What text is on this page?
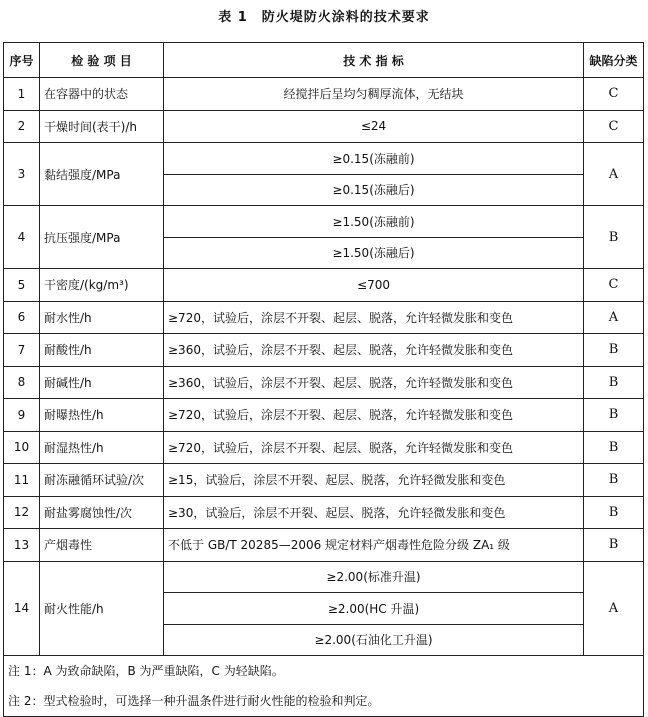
表 1　防火堤防火涂料的技术要求
序号	检 验 项 目	技 术 指 标	缺陷分类
1	在容器中的状态	经搅拌后呈均匀稠厚流体，无结块	C
2	干燥时间(表干)/h	≤24	C
3	黏结强度/MPa	≥0.15(冻融前)	A
		≥0.15(冻融后)	
4	抗压强度/MPa	≥1.50(冻融前)	B
		≥1.50(冻融后)	
5	干密度/(kg/m³)	≤700	C
6	耐水性/h	≥720，试验后，涂层不开裂、起层、脱落，允许轻微发胀和变色	A
7	耐酸性/h	≥360，试验后，涂层不开裂、起层、脱落，允许轻微发胀和变色	B
8	耐碱性/h	≥360，试验后，涂层不开裂、起层、脱落，允许轻微发胀和变色	B
9	耐曝热性/h	≥720，试验后，涂层不开裂、起层、脱落，允许轻微发胀和变色	B
10	耐湿热性/h	≥720，试验后，涂层不开裂、起层、脱落，允许轻微发胀和变色	B
11	耐冻融循环试验/次	≥15，试验后，涂层不开裂、起层、脱落，允许轻微发胀和变色	B
12	耐盐雾腐蚀性/次	≥30，试验后，涂层不开裂、起层、脱落，允许轻微发胀和变色	B
13	产烟毒性	不低于 GB/T 20285—2006 规定材料产烟毒性危险分级 ZA₁ 级	B
14	耐火性能/h	≥2.00(标准升温)	A
		≥2.00(HC 升温)	
		≥2.00(石油化工升温)	

注 1：A 为致命缺陷，B 为严重缺陷，C 为轻缺陷。
注 2：型式检验时，可选择一种升温条件进行耐火性能的检验和判定。			
